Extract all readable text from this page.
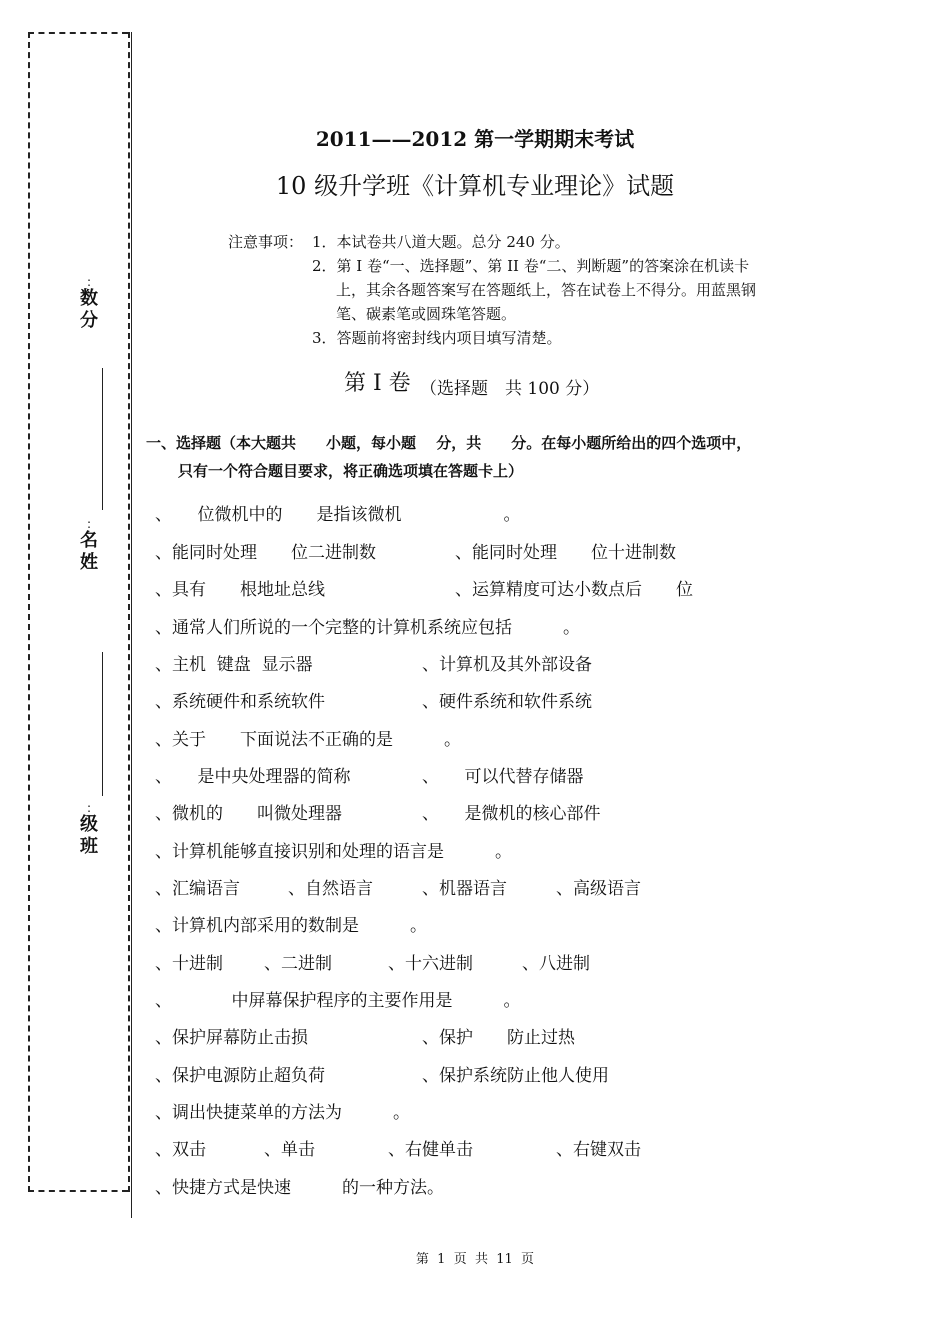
:
数
分
:
名
姓
:
级
班
2011——2012 第一学期期末考试
10 级升学班《计算机专业理论》试题
注意事项： 1．本试卷共八道大题。总分 240 分。
2．第 I 卷“一、选择题”、第 II 卷“二、判断题”的答案涂在机读卡
上，其余各题答案写在答题纸上，答在试卷上不得分。用蓝黑钢
笔、碳素笔或圆珠笔答题。
3．答题前将密封线内项目填写清楚。
第 I 卷 （选择题　共 100 分）
一、选择题（本大题共　　小题，每小题　 分，共　　分。在每小题所给出的四个选项中，
只有一个符合题目要求，将正确选项填在答题卡上）
、　　位微机中的　　是指该微机　　　　　　。
、能同时处理　　位二进制数	、能同时处理　　位十进制数
、具有　　根地址总线	、运算精度可达小数点后　　位
、通常人们所说的一个完整的计算机系统应包括　　　。
、主机  键盘  显示器	、计算机及其外部设备
、系统硬件和系统软件	、硬件系统和软件系统
、关于　　下面说法不正确的是　　　。
、　　是中央处理器的简称	、　　可以代替存储器
、微机的　　叫微处理器	、　　是微机的核心部件
、计算机能够直接识别和处理的语言是　　　。
、汇编语言	、自然语言	、机器语言	、高级语言
、计算机内部采用的数制是　　　。
、十进制 、二进制	、十六进制	、八进制
、　　　　中屏幕保护程序的主要作用是　　　。
、保护屏幕防止击损	、保护　　防止过热
、保护电源防止超负荷	、保护系统防止他人使用
、调出快捷菜单的方法为　　　。
、双击	、单击	、右健单击	、右键双击
、快捷方式是快速　　　的一种方法。
第  1  页  共  11  页
